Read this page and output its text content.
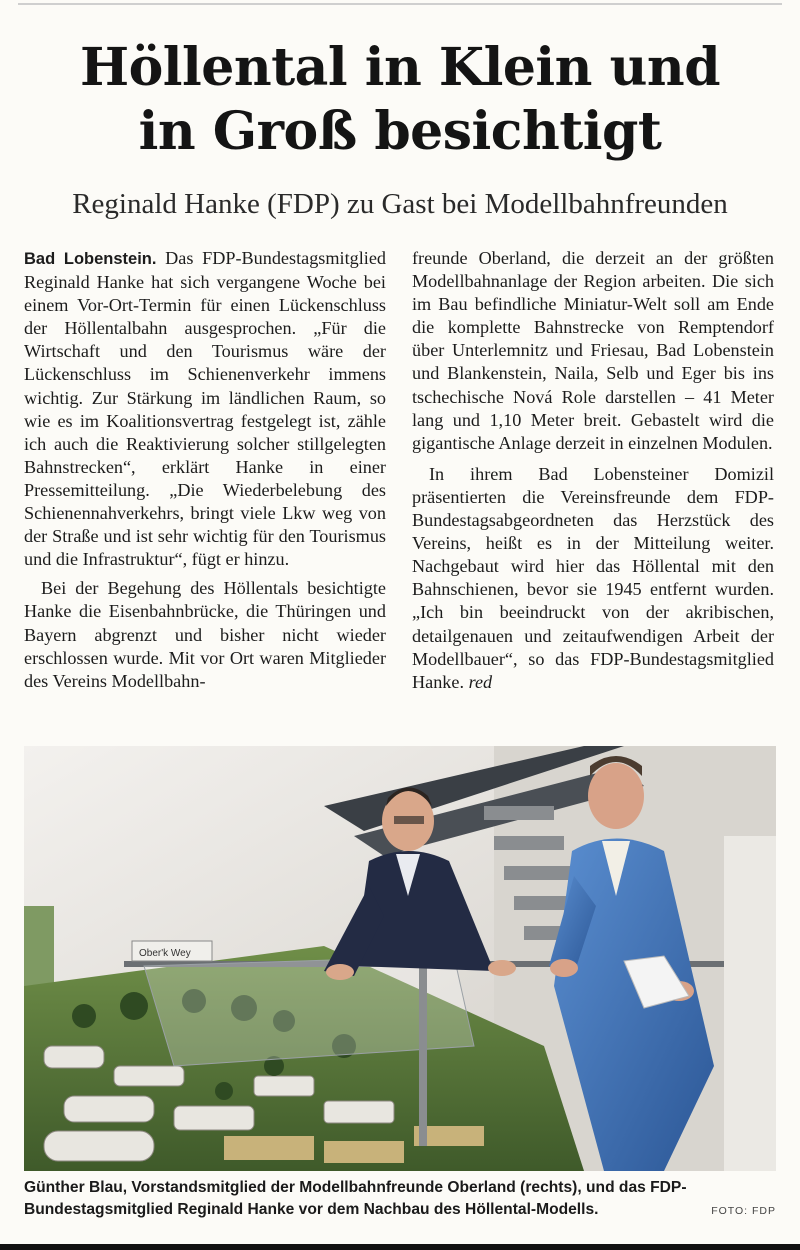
Höllental in Klein und
in Groß besichtigt
Reginald Hanke (FDP) zu Gast bei Modellbahnfreunden

Bad Lobenstein. Das FDP-Bundestagsmitglied Reginald Hanke hat sich vergangene Woche bei einem Vor-Ort-Termin für einen Lückenschluss der Höllentalbahn ausgesprochen. „Für die Wirtschaft und den Tourismus wäre der Lückenschluss im Schienenverkehr immens wichtig. Zur Stärkung im ländlichen Raum, so wie es im Koalitionsvertrag festgelegt ist, zähle ich auch die Reaktivierung solcher stillgelegten Bahnstrecken“, erklärt Hanke in einer Pressemitteilung. „Die Wiederbelebung des Schienennahverkehrs, bringt viele Lkw weg von der Straße und ist sehr wichtig für den Tourismus und die Infrastruktur“, fügt er hinzu.

Bei der Begehung des Höllentals besichtigte Hanke die Eisenbahnbrücke, die Thüringen und Bayern abgrenzt und bisher nicht wieder erschlossen wurde. Mit vor Ort waren Mitglieder des Vereins Modellbahn-

freunde Oberland, die derzeit an der größten Modellbahnanlage der Region arbeiten. Die sich im Bau befindliche Miniatur-Welt soll am Ende die komplette Bahnstrecke von Remptendorf über Unterlemnitz und Friesau, Bad Lobenstein und Blankenstein, Naila, Selb und Eger bis ins tschechische Nová Role darstellen – 41 Meter lang und 1,10 Meter breit. Gebastelt wird die gigantische Anlage derzeit in einzelnen Modulen.

In ihrem Bad Lobensteiner Domizil präsentierten die Vereinsfreunde dem FDP-Bundestagsabgeordneten das Herzstück des Vereins, heißt es in der Mitteilung weiter. Nachgebaut wird hier das Höllental mit den Bahnschienen, bevor sie 1945 entfernt wurden. „Ich bin beeindruckt von der akribischen, detailgenauen und zeitaufwendigen Arbeit der Modellbauer“, so das FDP-Bundestagsmitglied Hanke. red

Ober'k Wey
Günther Blau, Vorstandsmitglied der Modellbahnfreunde Oberland (rechts), und das FDP-
Bundestagsmitglied Reginald Hanke vor dem Nachbau des Höllental-Modells.	FOTO: FDP
